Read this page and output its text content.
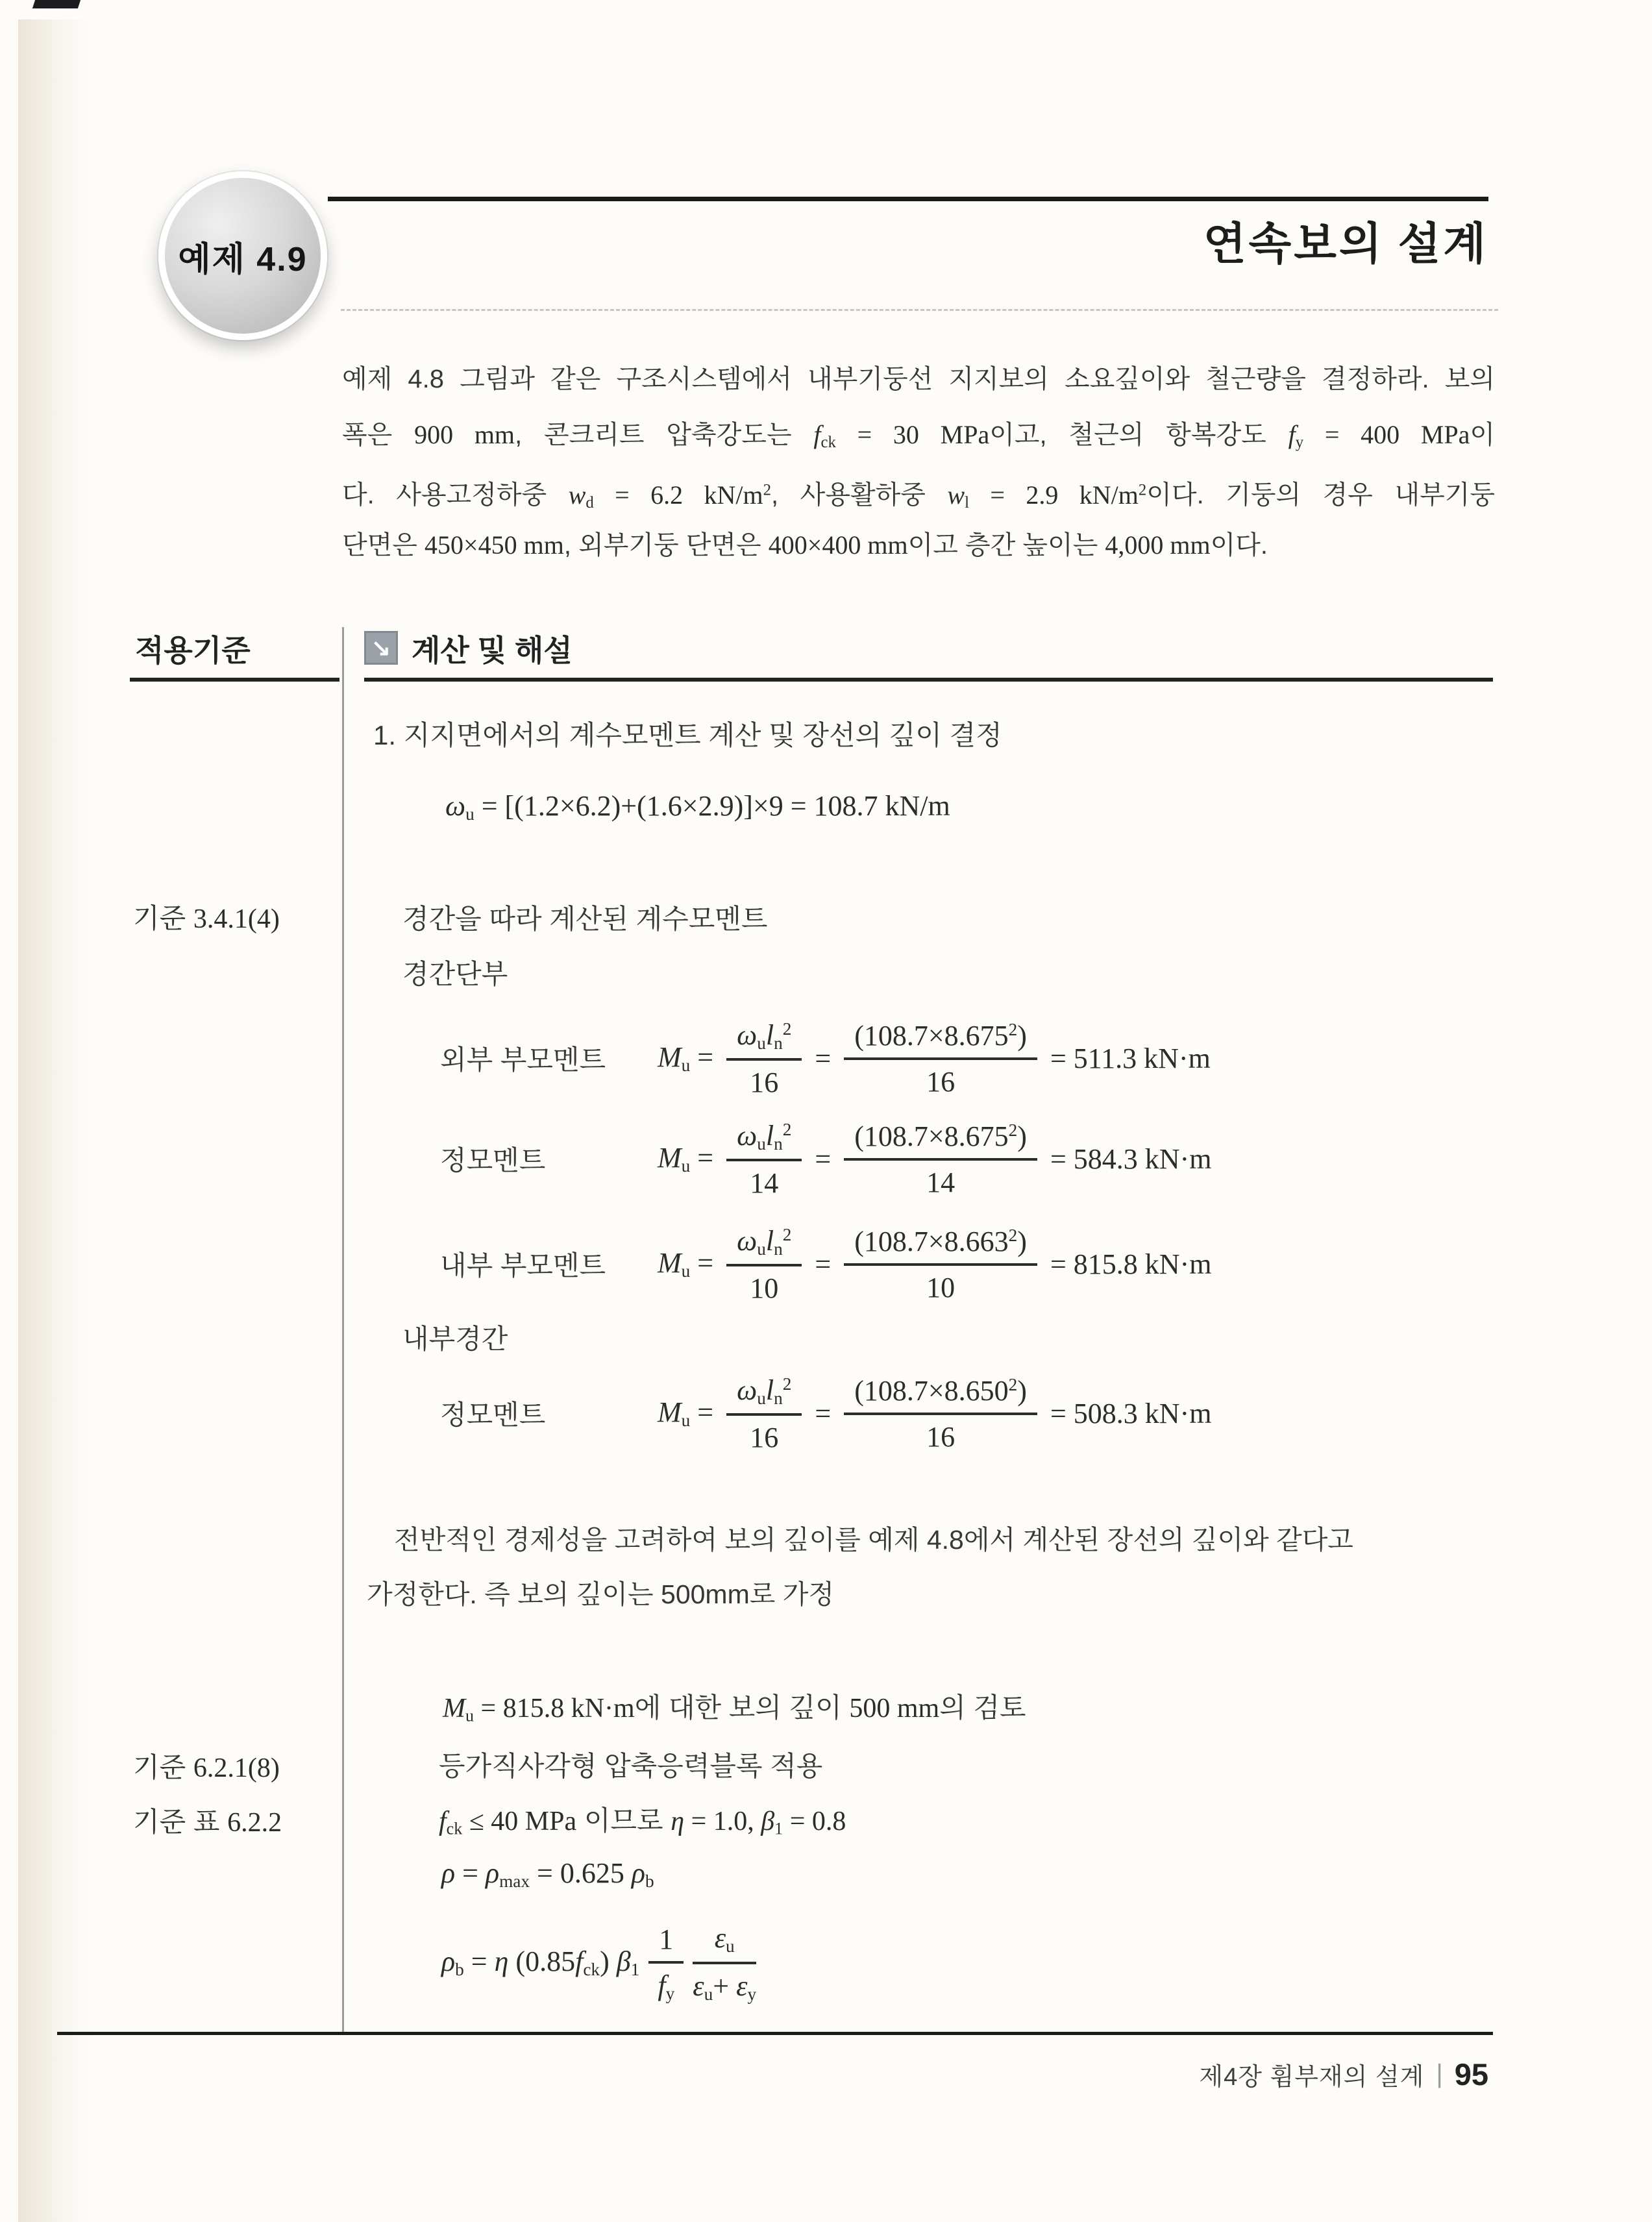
예제 4.9	연속보의 설계
예제 4.8 그림과 같은 구조시스템에서 내부기둥선 지지보의 소요깊이와 철근량을 결정하라. 보의
폭은 900 mm, 콘크리트 압축강도는 $f_{ck} = 30$ MPa이고, 철근의 항복강도 $f_y = 400$ MPa이
다. 사용고정하중 $w_d = 6.2$ $kN/m^2$, 사용활하중 $w_l = 2.9$ $kN/m^2$이다. 기둥의 경우 내부기둥
단면은 450×450 mm, 외부기둥 단면은 400×400 mm이고 층간 높이는 4,000 mm이다.
적용기준	↘ 계산 및 해설
1. 지지면에서의 계수모멘트 계산 및 장선의 깊이 결정
$\omega_u = [(1.2\times 6.2)+(1.6\times 2.9)]\times 9 = 108.7$ kN/m
기준 3.4.1(4)	경간을 따라 계산된 계수모멘트
경간단부
외부 부모멘트	$M_u = \frac{\omega_ul_n^2}{16} = \frac{(108.7\times 8.675^2)}{16} = 511.3$ kN·m
정모멘트	$M_u = \frac{\omega_ul_n^2}{14} = \frac{(108.7\times 8.675^2)}{14} = 584.3$ kN·m
내부 부모멘트	$M_u = \frac{\omega_ul_n^2}{10} = \frac{(108.7\times 8.663^2)}{10} = 815.8$ kN·m
내부경간
정모멘트	$M_u = \frac{\omega_ul_n^2}{16} = \frac{(108.7\times 8.650^2)}{16} = 508.3$ kN·m
전반적인 경제성을 고려하여 보의 깊이를 예제 4.8에서 계산된 장선의 깊이와 같다고
가정한다. 즉 보의 깊이는 500mm로 가정
$M_u = 815.8$ kN·m에 대한 보의 깊이 500 mm의 검토
기준 6.2.1(8)	등가직사각형 압축응력블록 적용
기준 표 6.2.2	$f_{ck} \le 40$ MPa 이므로 η = 1.0, $\beta_1 = 0.8$
$\rho = \rho_{max} = 0.625$ $\rho_b$
$\rho_b = \eta$ $(0.85f_{ck})$ $\beta_1 \frac{1}{f_y} \frac{\varepsilon_u}{\varepsilon_u+ \varepsilon_y}$
제4장 휨부재의 설계 | 95
